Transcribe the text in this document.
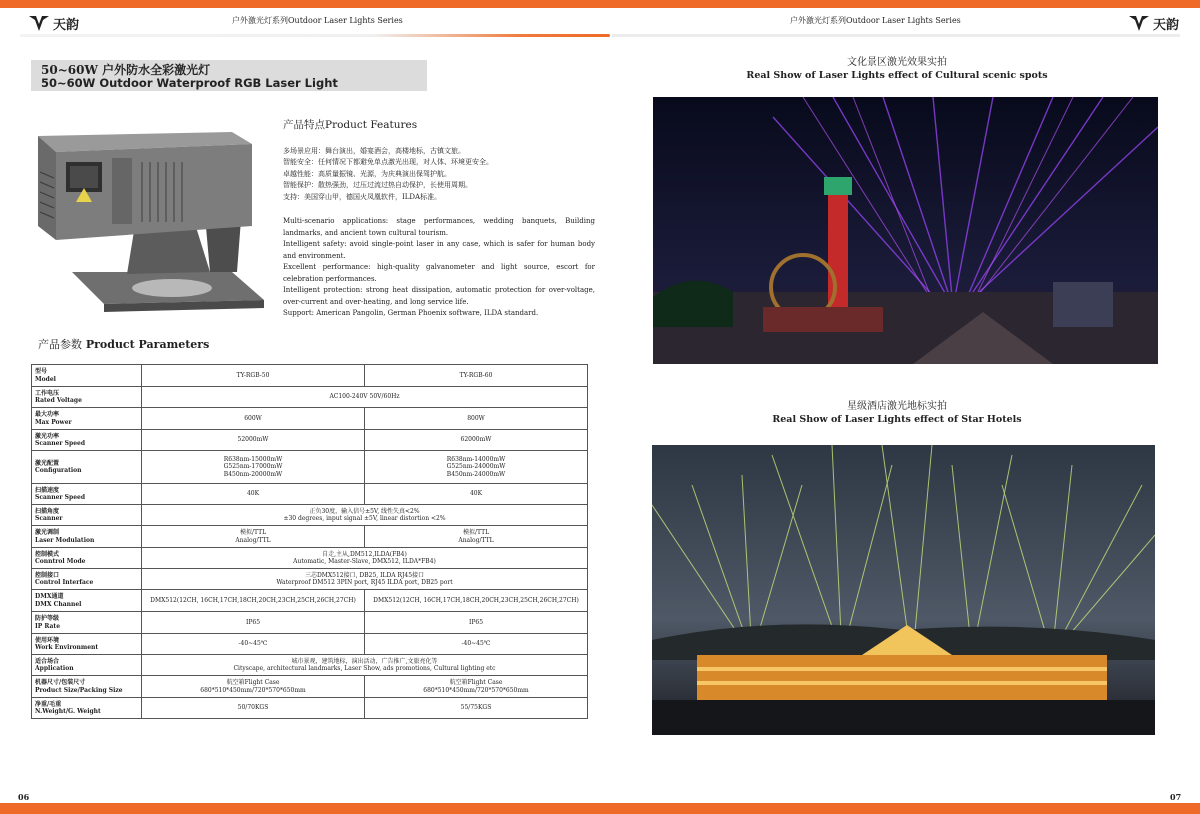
天韵	户外激光灯系列Outdoor Laser Lights Series	户外激光灯系列Outdoor Laser Lights Series	天韵
50~60W 户外防水全彩激光灯
50~60W Outdoor Waterproof RGB Laser Light
产品特点Product Features
多场景应用：舞台演出，婚宴酒会，高楼地标，古镇文旅。
智能安全：任何情况下都避免单点激光出现，对人体、环境更安全。
卓越性能：高质量振镜、光源，为庆典演出保驾护航。
智能保护：散热强劲，过压过流过热自动保护，长使用周期。
支持：美国穿山甲，德国火凤凰软件，ILDA标准。
Multi-scenario applications: stage performances, wedding banquets, Building landmarks, and ancient town cultural tourism.
Intelligent safety: avoid single-point laser in any case, which is safer for human body and environment.
Excellent performance: high-quality galvanometer and light source, escort for celebration performances.
Intelligent protection: strong heat dissipation, automatic protection for over-voltage, over-current and over-heating, and long service life.
Support: American Pangolin, German Phoenix software, ILDA standard.
产品参数 Product Parameters
型号
Model	TY-RGB-50	TY-RGB-60

工作电压
Rated Voltage	AC100-240V 50V/60Hz	

最大功率
Max Power	600W	800W

激光功率
Scanner Speed	52000mW	62000mW

激光配置
Configuration	R638nm-15000mW
G525nm-17000mW
B450nm-20000mW	R638nm-14000mW
G525nm-24000mW
B450nm-24000mW

扫描速度
Scanner Speed	40K	40K

扫描角度
Scanner	正负30度，输入信号±5V, 线性失真<2%
±30 degrees, input signal ±5V, linear distortion <2%	

激光调制
Laser Modulation	模拟/TTL
Analog/TTL	模拟/TTL
Analog/TTL

控制模式
Conntrol Mode	自走,主从,DM512,ILDA(FB4)
Automatic, Master-Slave, DMX512, ILDA*FB4)	

控制接口
Control Interface	三芯DMX512接口, DB25, ILDA RJ45接口
Waterproof DM512 3PIN port, RJ45 ILDA port, DB25 port	

DMX通道
DMX Channel	DMX512(12CH, 16CH,17CH,18CH,20CH,23CH,25CH,26CH,27CH)	DMX512(12CH, 16CH,17CH,18CH,20CH,23CH,25CH,26CH,27CH)

防护等级
IP Rate	IP65	IP65

使用环境
Work Environment	-40~45℃	-40~45℃

适合场合
Application	城市景观，建筑地标，演出活动，广告推广,文旅亮化等
Cityscape, architectural landmarks, Laser Show, ads promotions, Cultural lighting etc	

机器尺寸/包装尺寸
Product Size/Packing Size	航空箱Flight Case
680*510*450mm/720*570*650mm	航空箱Flight Case
680*510*450mm/720*570*650mm

净重/毛重
N.Weight/G. Weight	50/70KGS	55/75KGS
文化景区激光效果实拍
Real Show of Laser Lights effect of Cultural scenic spots
星级酒店激光地标实拍
Real Show of Laser Lights effect of Star Hotels
06	07
